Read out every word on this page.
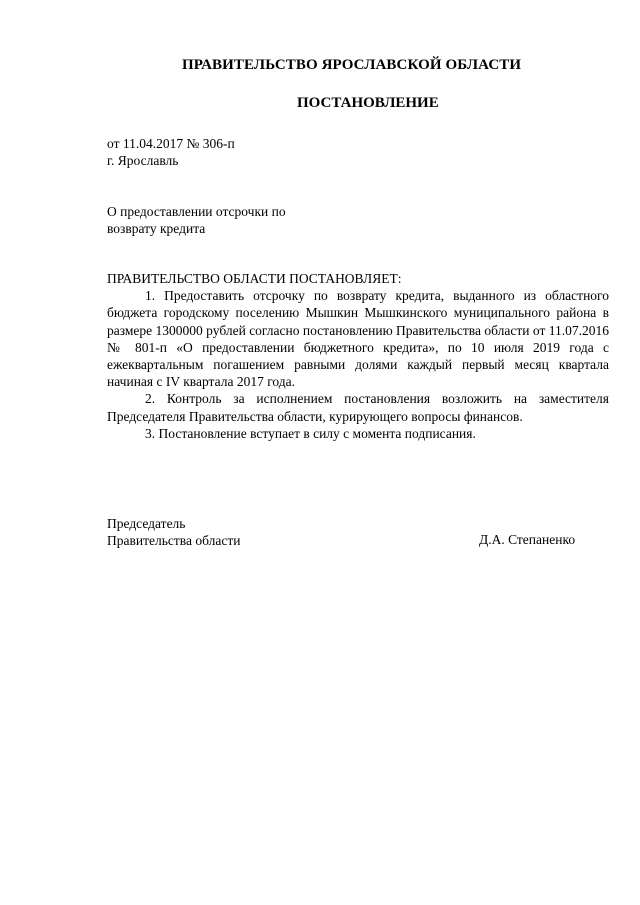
ПРАВИТЕЛЬСТВО ЯРОСЛАВСКОЙ ОБЛАСТИ
ПОСТАНОВЛЕНИЕ
от 11.04.2017 № 306-п
г. Ярославль
О предоставлении отсрочки по
возврату кредита

ПРАВИТЕЛЬСТВО ОБЛАСТИ ПОСТАНОВЛЯЕТ:

1. Предоставить отсрочку по возврату кредита, выданного из областного бюджета городскому поселению Мышкин Мышкинского муниципального района в размере 1300000 рублей согласно постановлению Правительства области от 11.07.2016 № 801-п «О предоставлении бюджетного кредита», по 10 июля 2019 года с ежеквартальным погашением равными долями каждый первый месяц квартала начиная с IV квартала 2017 года.

2. Контроль за исполнением постановления возложить на заместителя Председателя Правительства области, курирующего вопросы финансов.

3. Постановление вступает в силу с момента подписания.

Председатель
Правительства области	Д.А. Степаненко
